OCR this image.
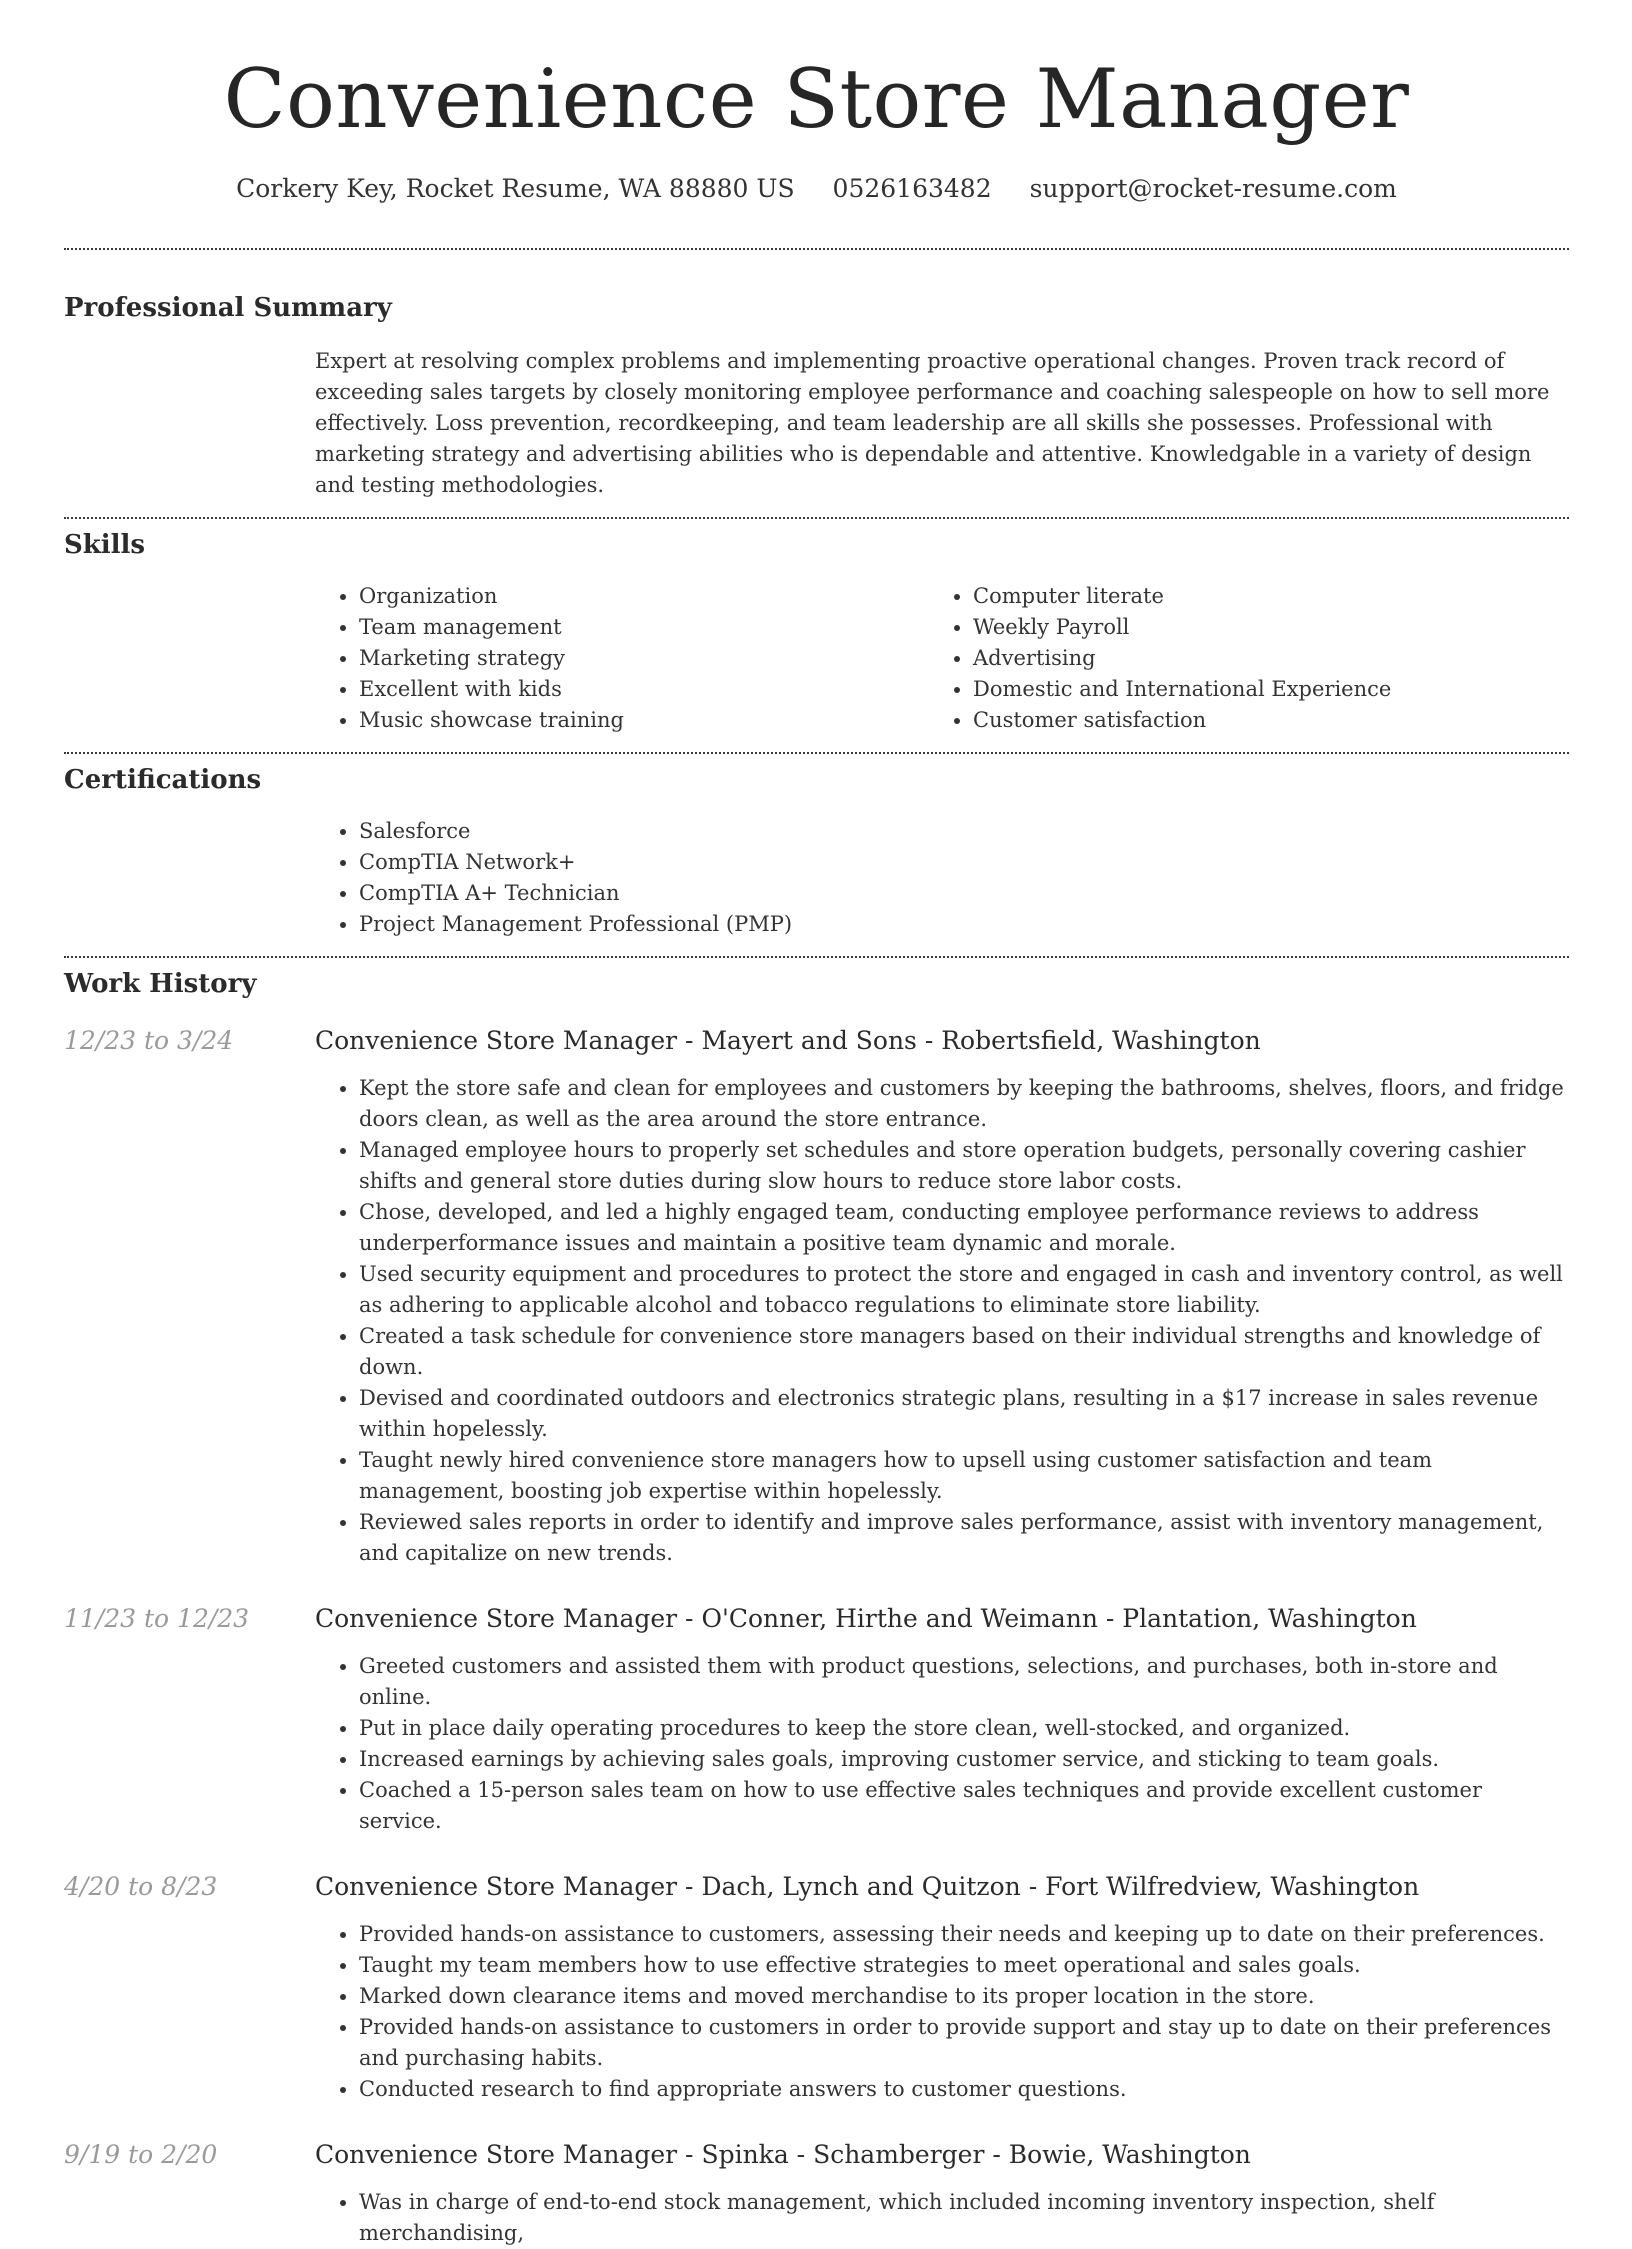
Convenience Store Manager
Corkery Key, Rocket Resume, WA 88880 US 0526163482 support@rocket-resume.com
Professional Summary

Expert at resolving complex problems and implementing proactive operational changes. Proven track record of exceeding sales targets by closely monitoring employee performance and coaching salespeople on how to sell more effectively. Loss prevention, recordkeeping, and team leadership are all skills she possesses. Professional with marketing strategy and advertising abilities who is dependable and attentive. Knowledgable in a variety of design and testing methodologies.

Skills
• Organization
• Team management
• Marketing strategy
• Excellent with kids
• Music showcase training
• Computer literate
• Weekly Payroll
• Advertising
• Domestic and International Experience
• Customer satisfaction
Certifications
• Salesforce
• CompTIA Network+
• CompTIA A+ Technician
• Project Management Professional (PMP)
Work History
12/23 to 3/24	Convenience Store Manager - Mayert and Sons - Robertsfield, Washington
• Kept the store safe and clean for employees and customers by keeping the bathrooms, shelves, floors, and fridge doors clean, as well as the area around the store entrance.
• Managed employee hours to properly set schedules and store operation budgets, personally covering cashier shifts and general store duties during slow hours to reduce store labor costs.
• Chose, developed, and led a highly engaged team, conducting employee performance reviews to address underperformance issues and maintain a positive team dynamic and morale.
• Used security equipment and procedures to protect the store and engaged in cash and inventory control, as well as adhering to applicable alcohol and tobacco regulations to eliminate store liability.
• Created a task schedule for convenience store managers based on their individual strengths and knowledge of down.
• Devised and coordinated outdoors and electronics strategic plans, resulting in a $17 increase in sales revenue within hopelessly.
• Taught newly hired convenience store managers how to upsell using customer satisfaction and team management, boosting job expertise within hopelessly.
• Reviewed sales reports in order to identify and improve sales performance, assist with inventory management, and capitalize on new trends.
11/23 to 12/23	Convenience Store Manager - O'Conner, Hirthe and Weimann - Plantation, Washington
• Greeted customers and assisted them with product questions, selections, and purchases, both in-store and online.
• Put in place daily operating procedures to keep the store clean, well-stocked, and organized.
• Increased earnings by achieving sales goals, improving customer service, and sticking to team goals.
• Coached a 15-person sales team on how to use effective sales techniques and provide excellent customer service.
4/20 to 8/23	Convenience Store Manager - Dach, Lynch and Quitzon - Fort Wilfredview, Washington
• Provided hands-on assistance to customers, assessing their needs and keeping up to date on their preferences.
• Taught my team members how to use effective strategies to meet operational and sales goals.
• Marked down clearance items and moved merchandise to its proper location in the store.
• Provided hands-on assistance to customers in order to provide support and stay up to date on their preferences and purchasing habits.
• Conducted research to find appropriate answers to customer questions.
9/19 to 2/20	Convenience Store Manager - Spinka - Schamberger - Bowie, Washington
• Was in charge of end-to-end stock management, which included incoming inventory inspection, shelf merchandising,
